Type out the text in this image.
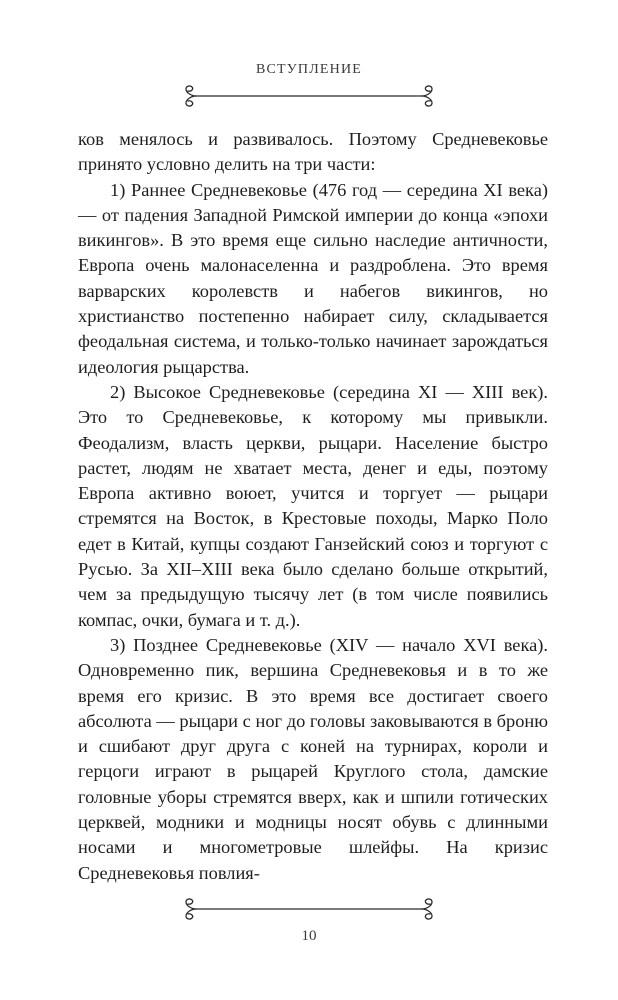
ВСТУПЛЕНИЕ

ков менялось и развивалось. Поэтому Средневековье принято условно делить на три части:

1) Раннее Средневековье (476 год — середина XI века) — от падения Западной Римской империи до конца «эпохи викингов». В это время еще сильно наследие античности, Европа очень малонаселенна и раздроблена. Это время варварских королевств и набегов викингов, но христианство постепенно набирает силу, складывается феодальная система, и только-только начинает зарождаться идеология рыцарства.

2) Высокое Средневековье (середина XI — XIII век). Это то Средневековье, к которому мы привыкли. Феодализм, власть церкви, рыцари. Население быстро растет, людям не хватает места, денег и еды, поэтому Европа активно воюет, учится и торгует — рыцари стремятся на Восток, в Крестовые походы, Марко Поло едет в Китай, купцы создают Ганзейский союз и торгуют с Русью. За XII–XIII века было сделано больше открытий, чем за предыдущую тысячу лет (в том числе появились компас, очки, бумага и т. д.).

3) Позднее Средневековье (XIV — начало XVI века). Одновременно пик, вершина Средневековья и в то же время его кризис. В это время все достигает своего абсолюта — рыцари с ног до головы заковываются в броню и сшибают друг друга с коней на турнирах, короли и герцоги играют в рыцарей Круглого стола, дамские головные уборы стремятся вверх, как и шпили готических церквей, модники и модницы носят обувь с длинными носами и многометровые шлейфы. На кризис Средневековья повлия-

10
